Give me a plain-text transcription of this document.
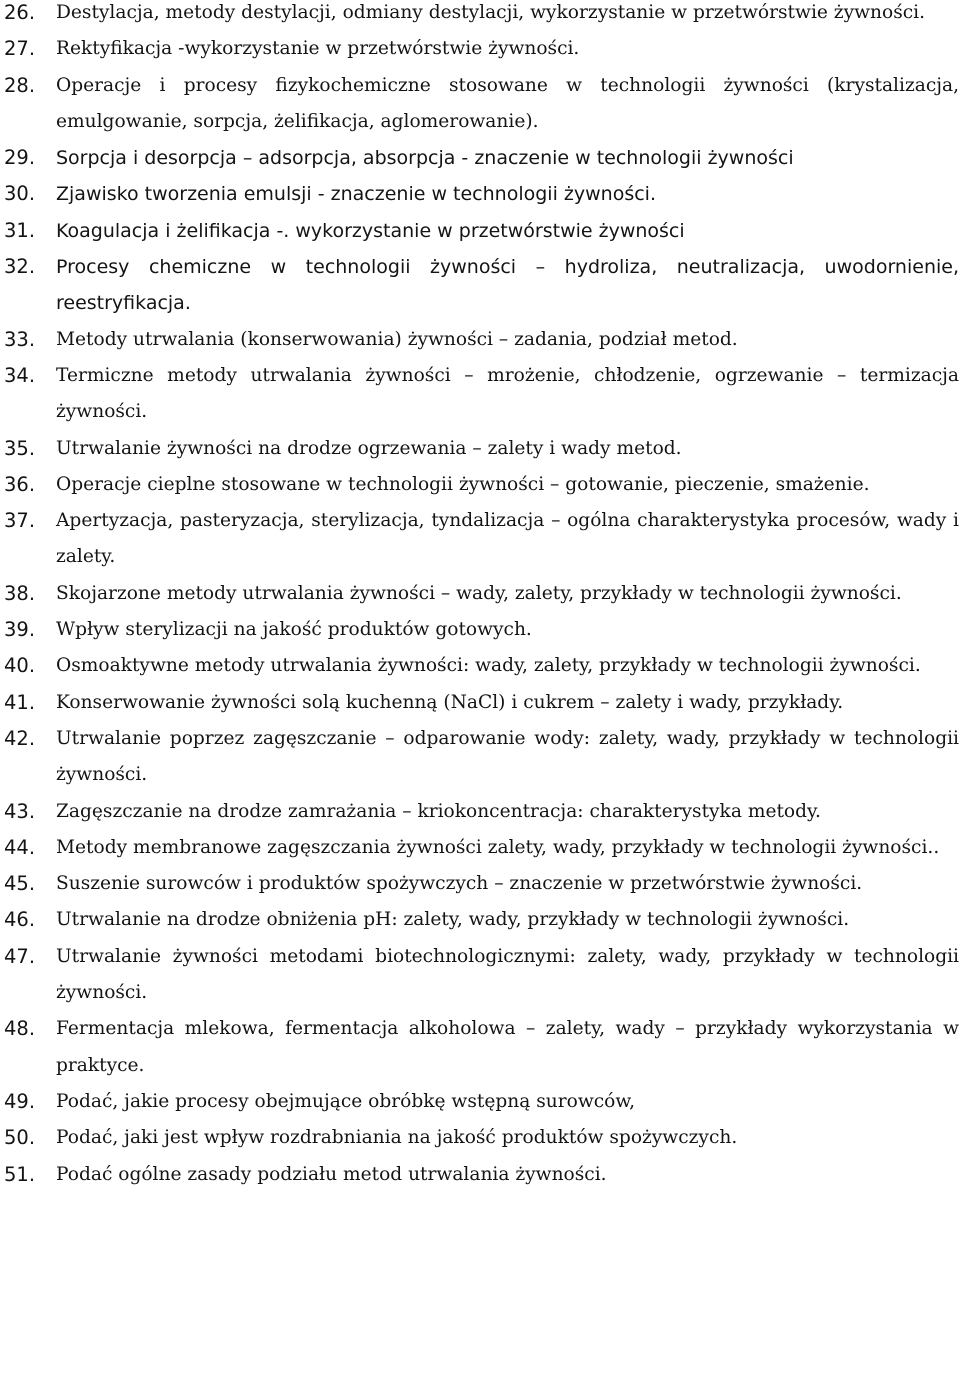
26.	Destylacja, metody destylacji, odmiany destylacji, wykorzystanie w przetwórstwie żywności.
27.	Rektyfikacja -wykorzystanie w przetwórstwie żywności.
28.	Operacje i procesy fizykochemiczne stosowane w technologii żywności (krystalizacja, emulgowanie, sorpcja, żelifikacja, aglomerowanie).
29.	Sorpcja i desorpcja – adsorpcja, absorpcja - znaczenie w technologii żywności
30.	Zjawisko tworzenia emulsji - znaczenie w technologii żywności.
31.	Koagulacja i żelifikacja -. wykorzystanie w przetwórstwie żywności
32.	Procesy chemiczne w technologii żywności – hydroliza, neutralizacja, uwodornienie, reestryfikacja.
33.	Metody utrwalania (konserwowania) żywności – zadania, podział metod.
34.	Termiczne metody utrwalania żywności – mrożenie, chłodzenie, ogrzewanie – termizacja żywności.
35.	Utrwalanie żywności na drodze ogrzewania – zalety i wady metod.
36.	Operacje cieplne stosowane w technologii żywności – gotowanie, pieczenie, smażenie.
37.	Apertyzacja, pasteryzacja, sterylizacja, tyndalizacja – ogólna charakterystyka procesów, wady i zalety.
38.	Skojarzone metody utrwalania żywności – wady, zalety, przykłady w technologii żywności.
39.	Wpływ sterylizacji na jakość produktów gotowych.
40.	Osmoaktywne metody utrwalania żywności: wady, zalety, przykłady w technologii żywności.
41.	Konserwowanie żywności solą kuchenną (NaCl) i cukrem – zalety i wady, przykłady.
42.	Utrwalanie poprzez zagęszczanie – odparowanie wody: zalety, wady, przykłady w technologii żywności.
43.	Zagęszczanie na drodze zamrażania – kriokoncentracja: charakterystyka metody.
44.	Metody membranowe zagęszczania żywności zalety, wady, przykłady w technologii żywności..
45.	Suszenie surowców i produktów spożywczych – znaczenie w przetwórstwie żywności.
46.	Utrwalanie na drodze obniżenia pH: zalety, wady, przykłady w technologii żywności.
47.	Utrwalanie żywności metodami biotechnologicznymi: zalety, wady, przykłady w technologii żywności.
48.	Fermentacja mlekowa, fermentacja alkoholowa – zalety, wady – przykłady wykorzystania w praktyce.
49.	Podać, jakie procesy obejmujące obróbkę wstępną surowców,
50.	Podać, jaki jest wpływ rozdrabniania na jakość produktów spożywczych.
51.	Podać ogólne zasady podziału metod utrwalania żywności.
